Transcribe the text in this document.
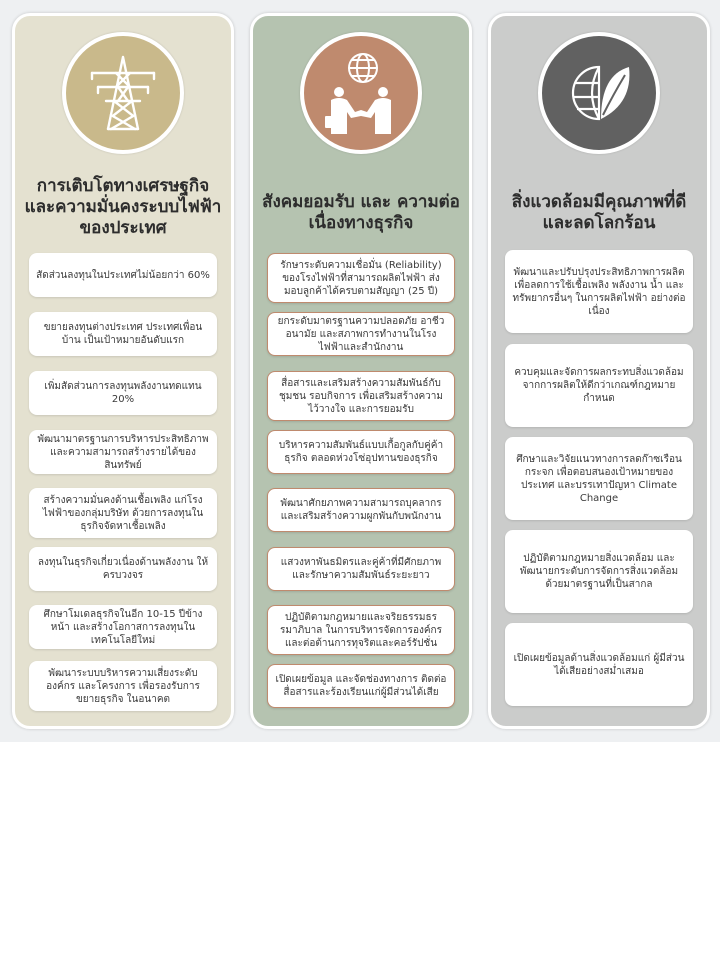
การเติบโตทางเศรษฐกิจ และความมั่นคงระบบไฟฟ้า ของประเทศ
สัดส่วนลงทุนในประเทศไม่น้อยกว่า 60%
ขยายลงทุนต่างประเทศ ประเทศเพื่อนบ้าน เป็นเป้าหมายอันดับแรก
เพิ่มสัดส่วนการลงทุนพลังงานทดแทน 20%
พัฒนามาตรฐานการบริหารประสิทธิภาพ และความสามารถสร้างรายได้ของสินทรัพย์
สร้างความมั่นคงด้านเชื้อเพลิง แก่โรงไฟฟ้าของกลุ่มบริษัท ด้วยการลงทุนในธุรกิจจัดหาเชื้อเพลิง
ลงทุนในธุรกิจเกี่ยวเนื่องด้านพลังงาน ให้ครบวงจร
ศึกษาโมเดลธุรกิจในอีก 10-15 ปีข้างหน้า และสร้างโอกาสการลงทุนในเทคโนโลยีใหม่
พัฒนาระบบบริหารความเสี่ยงระดับองค์กร และโครงการ เพื่อรองรับการขยายธุรกิจ ในอนาคต
สังคมยอมรับ และ ความต่อเนื่องทางธุรกิจ
รักษาระดับความเชื่อมั่น (Reliability) ของโรงไฟฟ้าที่สามารถผลิตไฟฟ้า ส่งมอบลูกค้าได้ครบตามสัญญา (25 ปี)
ยกระดับมาตรฐานความปลอดภัย อาชีวอนามัย และสภาพการทำงานในโรงไฟฟ้าและสำนักงาน
สื่อสารและเสริมสร้างความสัมพันธ์กับชุมชน รอบกิจการ เพื่อเสริมสร้างความไว้วางใจ และการยอมรับ
บริหารความสัมพันธ์แบบเกื้อกูลกับคู่ค้าธุรกิจ ตลอดห่วงโซ่อุปทานของธุรกิจ
พัฒนาศักยภาพความสามารถบุคลากร และเสริมสร้างความผูกพันกับพนักงาน
แสวงหาพันธมิตรและคู่ค้าที่มีศักยภาพ และรักษาความสัมพันธ์ระยะยาว
ปฏิบัติตามกฎหมายและจริยธรรมธรรมาภิบาล ในการบริหารจัดการองค์กร และต่อต้านการทุจริตและคอร์รัปชั่น
เปิดเผยข้อมูล และจัดช่องทางการ ติดต่อสื่อสารและร้องเรียนแก่ผู้มีส่วนได้เสีย
สิ่งแวดล้อมมีคุณภาพที่ดี และลดโลกร้อน
พัฒนาและปรับปรุงประสิทธิภาพการผลิต เพื่อลดการใช้เชื้อเพลิง พลังงาน น้ำ และทรัพยากรอื่นๆ ในการผลิตไฟฟ้า อย่างต่อเนื่อง
ควบคุมและจัดการผลกระทบสิ่งแวดล้อม จากการผลิตให้ดีกว่าเกณฑ์กฎหมายกำหนด
ศึกษาและวิจัยแนวทางการลดก๊าซเรือนกระจก เพื่อตอบสนองเป้าหมายของประเทศ และบรรเทาปัญหา Climate Change
ปฏิบัติตามกฎหมายสิ่งแวดล้อม และพัฒนายกระดับการจัดการสิ่งแวดล้อม ด้วยมาตรฐานที่เป็นสากล
เปิดเผยข้อมูลด้านสิ่งแวดล้อมแก่ ผู้มีส่วนได้เสียอย่างสม่ำเสมอ
